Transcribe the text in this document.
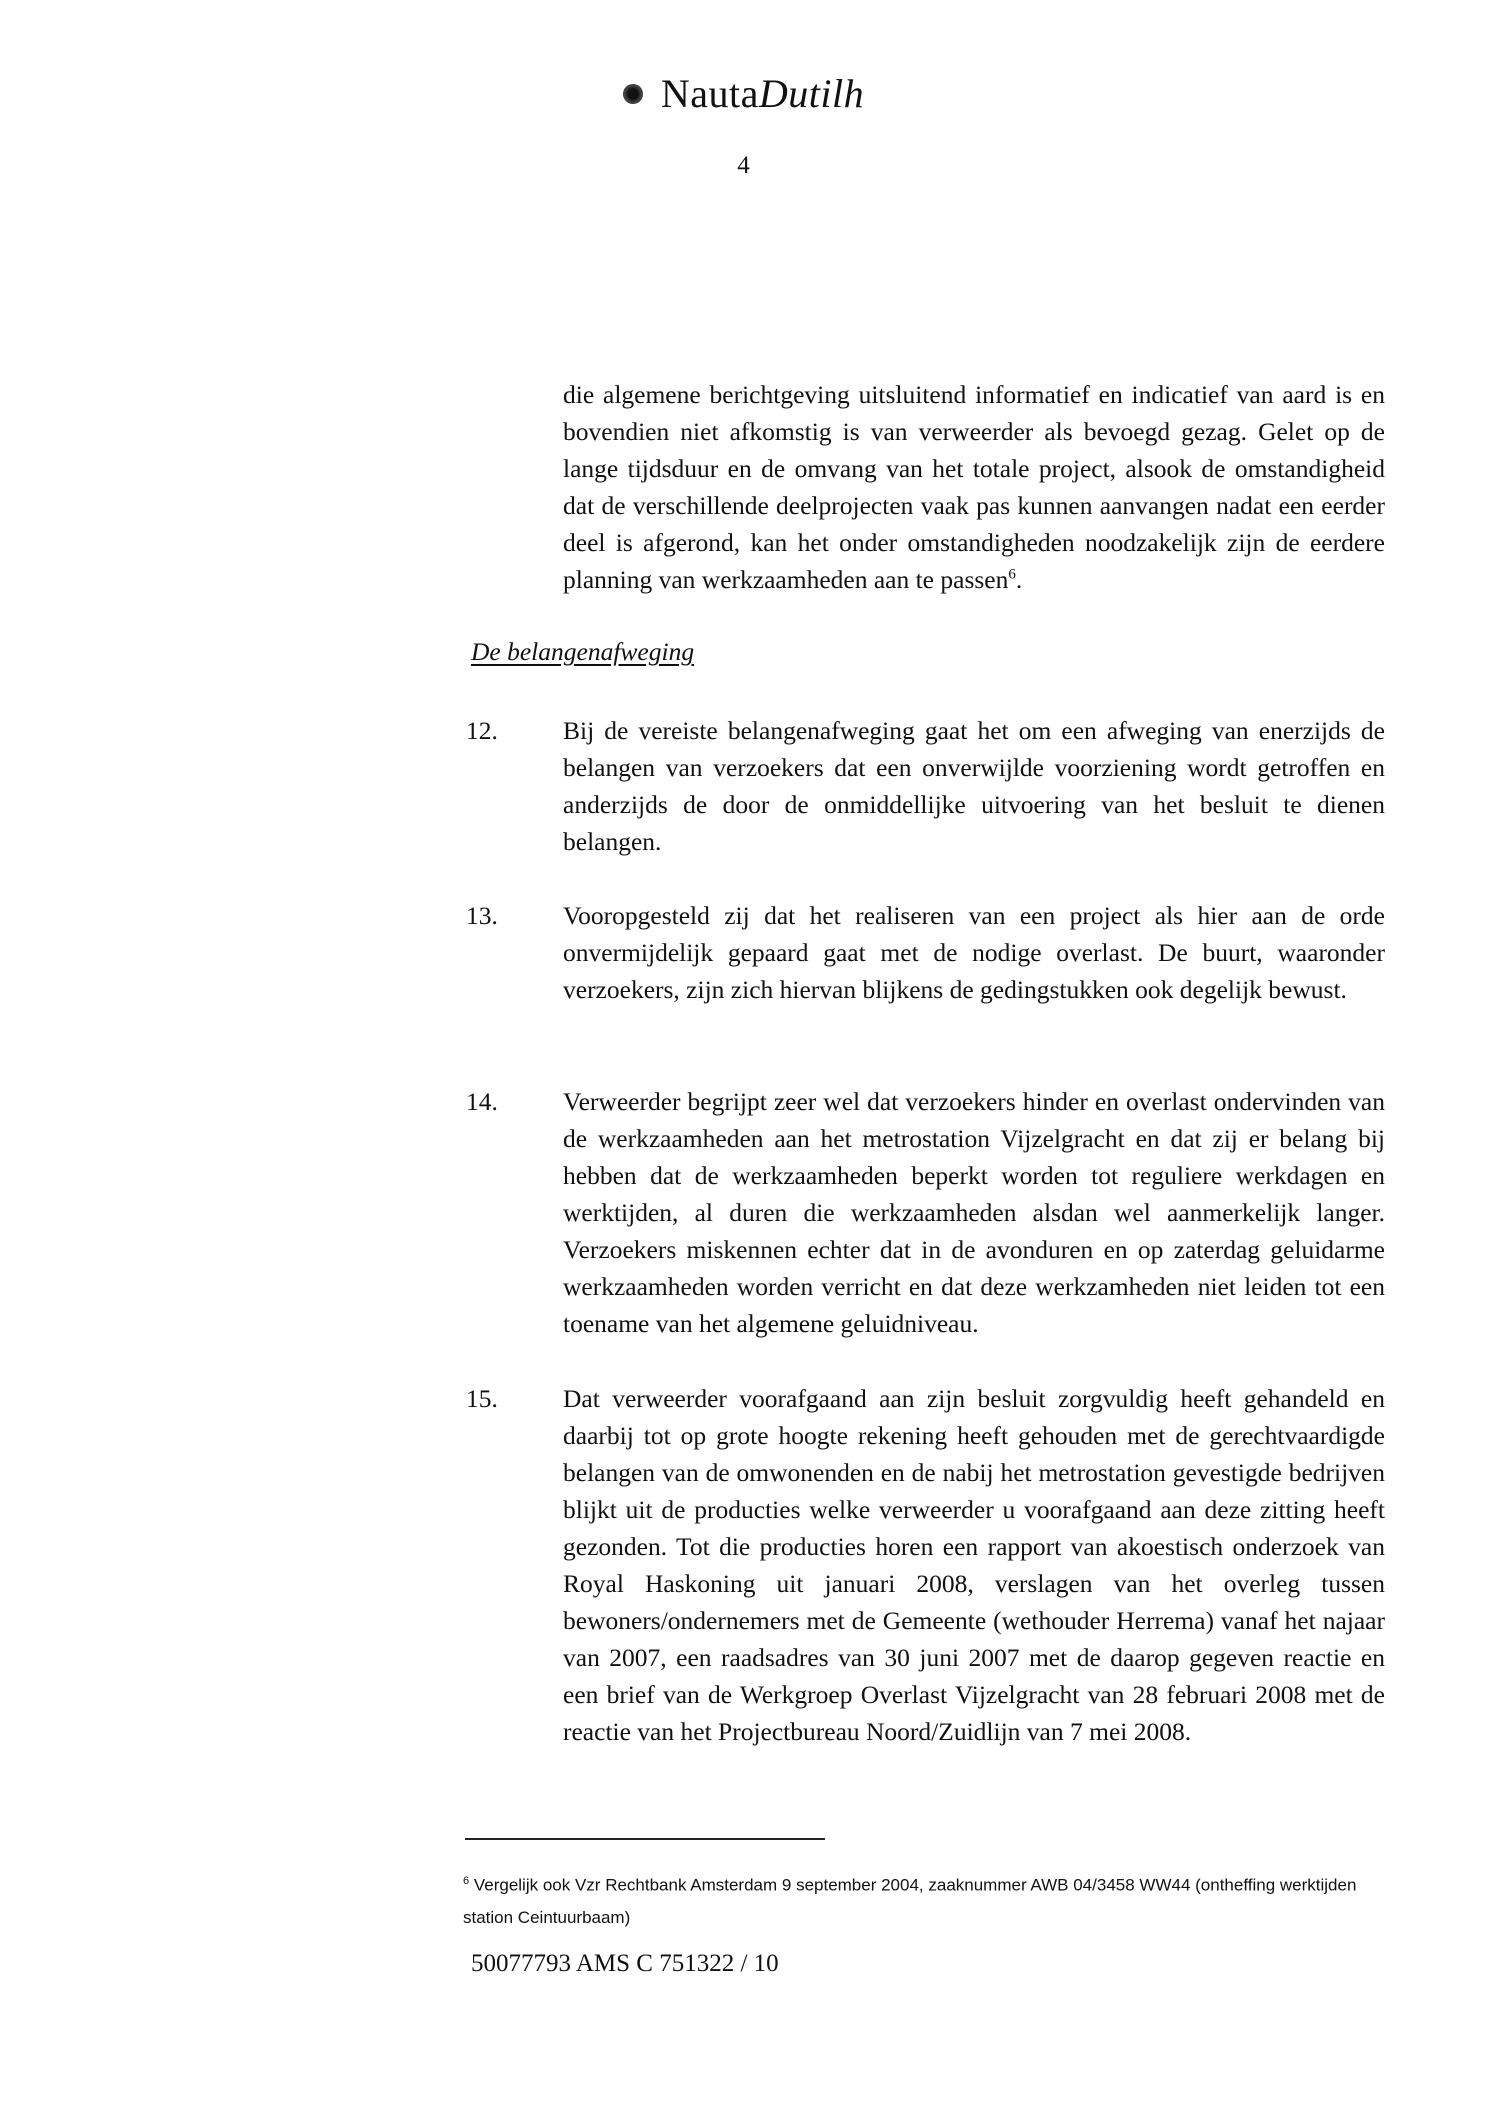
NautaDutilh
4

die algemene berichtgeving uitsluitend informatief en indicatief van aard is en bovendien niet afkomstig is van verweerder als bevoegd gezag. Gelet op de lange tijdsduur en de omvang van het totale project, alsook de omstandigheid dat de verschillende deelprojecten vaak pas kunnen aanvangen nadat een eerder deel is afgerond, kan het onder omstandigheden noodzakelijk zijn de eerdere planning van werkzaamheden aan te passen$^6$.

De belangenafweging
12.	Bij de vereiste belangenafweging gaat het om een afweging van enerzijds de belangen van verzoekers dat een onverwijlde voorziening wordt getroffen en anderzijds de door de onmiddellijke uitvoering van het besluit te dienen belangen.

13.	Vooropgesteld zij dat het realiseren van een project als hier aan de orde onvermijdelijk gepaard gaat met de nodige overlast. De buurt, waaronder verzoekers, zijn zich hiervan blijkens de gedingstukken ook degelijk bewust.

14.	Verweerder begrijpt zeer wel dat verzoekers hinder en overlast ondervinden van de werkzaamheden aan het metrostation Vijzelgracht en dat zij er belang bij hebben dat de werkzaamheden beperkt worden tot reguliere werkdagen en werktijden, al duren die werkzaamheden alsdan wel aanmerkelijk langer. Verzoekers miskennen echter dat in de avonduren en op zaterdag geluidarme werkzaamheden worden verricht en dat deze werkzamheden niet leiden tot een toename van het algemene geluidniveau.

15.	Dat verweerder voorafgaand aan zijn besluit zorgvuldig heeft gehandeld en daarbij tot op grote hoogte rekening heeft gehouden met de gerechtvaardigde belangen van de omwonenden en de nabij het metrostation gevestigde bedrijven blijkt uit de producties welke verweerder u voorafgaand aan deze zitting heeft gezonden. Tot die producties horen een rapport van akoestisch onderzoek van Royal Haskoning uit januari 2008, verslagen van het overleg tussen bewoners/ondernemers met de Gemeente (wethouder Herrema) vanaf het najaar van 2007, een raadsadres van 30 juni 2007 met de daarop gegeven reactie en een brief van de Werkgroep Overlast Vijzelgracht van 28 februari 2008 met de reactie van het Projectbureau Noord/Zuidlijn van 7 mei 2008.

$^6$ Vergelijk ook Vzr Rechtbank Amsterdam 9 september 2004, zaaknummer AWB 04/3458 WW44 (ontheffing werktijden station Ceintuurbaam)

50077793 AMS C 751322 / 10
